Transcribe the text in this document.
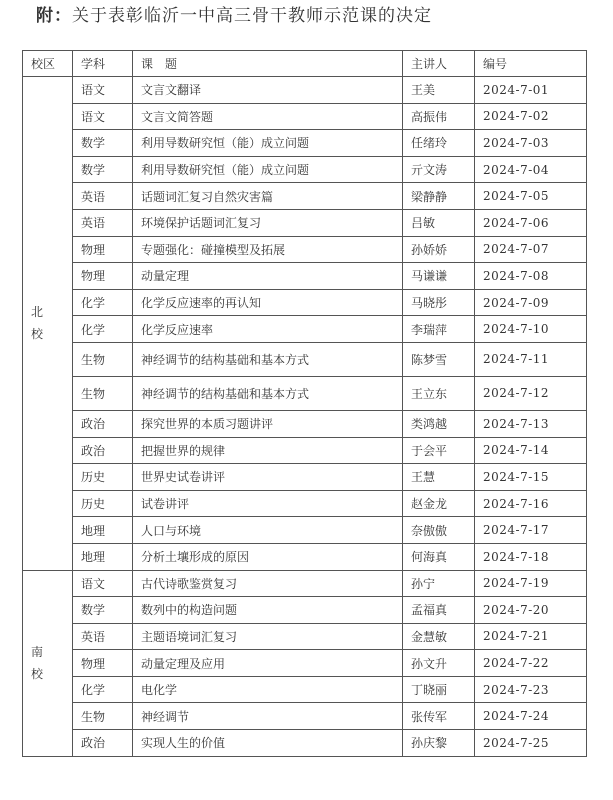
附：关于表彰临沂一中高三骨干教师示范课的决定
校区	学科	课　题	主讲人	编号

北
校	语文	文言文翻译	王美	2024-7-01
	语文	文言文简答题	高振伟	2024-7-02
	数学	利用导数研究恒（能）成立问题	任绪玲	2024-7-03
	数学	利用导数研究恒（能）成立问题	亓文涛	2024-7-04
	英语	话题词汇复习自然灾害篇	梁静静	2024-7-05
	英语	环境保护话题词汇复习	吕敏	2024-7-06
	物理	专题强化：碰撞模型及拓展	孙娇娇	2024-7-07
	物理	动量定理	马谦谦	2024-7-08
	化学	化学反应速率的再认知	马晓彤	2024-7-09
	化学	化学反应速率	李瑞萍	2024-7-10
	生物	神经调节的结构基础和基本方式	陈梦雪	2024-7-11
	生物	神经调节的结构基础和基本方式	王立东	2024-7-12
	政治	探究世界的本质习题讲评	类鸿越	2024-7-13
	政治	把握世界的规律	于会平	2024-7-14
	历史	世界史试卷讲评	王慧	2024-7-15
	历史	试卷讲评	赵金龙	2024-7-16
	地理	人口与环境	奈傲傲	2024-7-17
	地理	分析土壤形成的原因	何海真	2024-7-18

南
校	语文	古代诗歌鉴赏复习	孙宁	2024-7-19
	数学	数列中的构造问题	孟福真	2024-7-20
	英语	主题语境词汇复习	金慧敏	2024-7-21
	物理	动量定理及应用	孙文升	2024-7-22
	化学	电化学	丁晓丽	2024-7-23
	生物	神经调节	张传军	2024-7-24
	政治	实现人生的价值	孙庆黎	2024-7-25
